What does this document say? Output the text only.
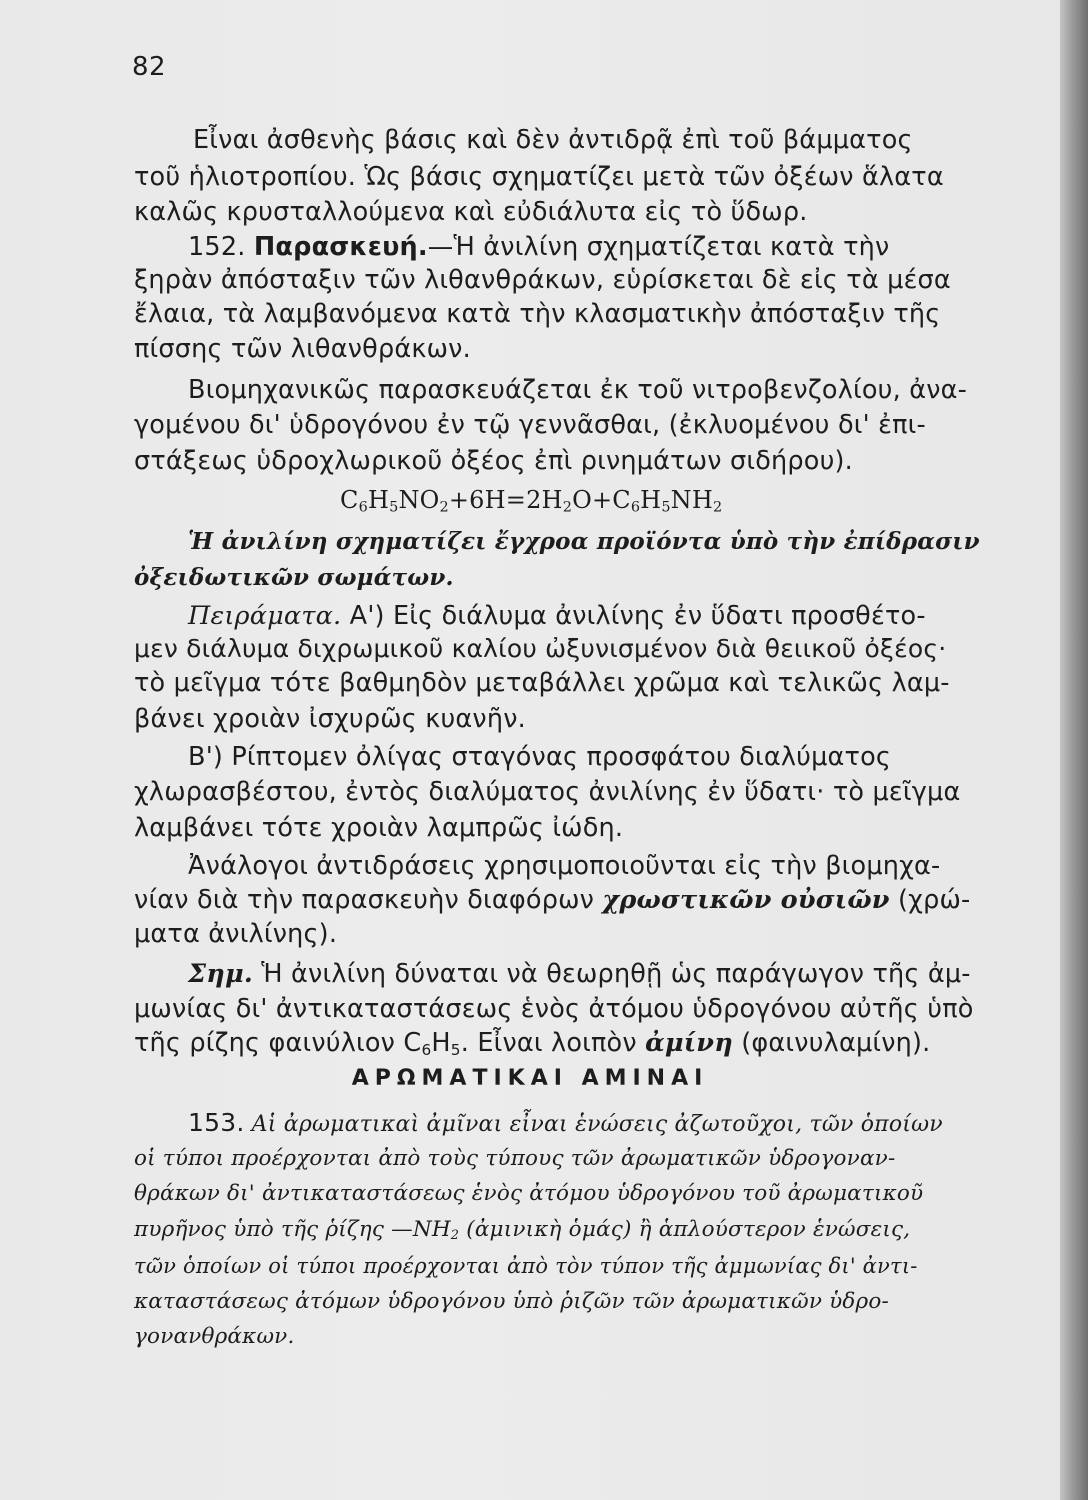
82
Εἶναι ἀσθενὴς βάσις καὶ δὲν ἀντιδρᾷ ἐπὶ τοῦ βάμματος
τοῦ ἡλιοτροπίου. Ὡς βάσις σχηματίζει μετὰ τῶν ὀξέων ἅλατα
καλῶς κρυσταλλούμενα καὶ εὐδιάλυτα εἰς τὸ ὕδωρ.
152. Παρασκευή.—Ἡ ἀνιλίνη σχηματίζεται κατὰ τὴν
ξηρὰν ἀπόσταξιν τῶν λιθανθράκων, εὑρίσκεται δὲ εἰς τὰ μέσα
ἔλαια, τὰ λαμβανόμενα κατὰ τὴν κλασματικὴν ἀπόσταξιν τῆς
πίσσης τῶν λιθανθράκων.
Βιομηχανικῶς παρασκευάζεται ἐκ τοῦ νιτροβενζολίου, ἀνα-
γομένου δι' ὑδρογόνου ἐν τῷ γεννᾶσθαι, (ἐκλυομένου δι' ἐπι-
στάξεως ὑδροχλωρικοῦ ὀξέος ἐπὶ ρινημάτων σιδήρου).
$C_6H_5NO_2+6H=2H_2O+C_6H_5NH_2$
Ἡ ἀνιλίνη σχηματίζει ἔγχροα προϊόντα ὑπὸ τὴν ἐπίδρασιν
ὀξειδωτικῶν σωμάτων.
Πειράματα. Α') Εἰς διάλυμα ἀνιλίνης ἐν ὕδατι προσθέτο-
μεν διάλυμα διχρωμικοῦ καλίου ὠξυνισμένον διὰ θειικοῦ ὀξέος·
τὸ μεῖγμα τότε βαθμηδὸν μεταβάλλει χρῶμα καὶ τελικῶς λαμ-
βάνει χροιὰν ἰσχυρῶς κυανῆν.
Β') Ρίπτομεν ὀλίγας σταγόνας προσφάτου διαλύματος
χλωρασβέστου, ἐντὸς διαλύματος ἀνιλίνης ἐν ὕδατι· τὸ μεῖγμα
λαμβάνει τότε χροιὰν λαμπρῶς ἰώδη.
Ἀνάλογοι ἀντιδράσεις χρησιμοποιοῦνται εἰς τὴν βιομηχα-
νίαν διὰ τὴν παρασκευὴν διαφόρων χρωστικῶν οὐσιῶν (χρώ-
ματα ἀνιλίνης).
Σημ. Ἡ ἀνιλίνη δύναται νὰ θεωρηθῇ ὡς παράγωγον τῆς ἀμ-
μωνίας δι' ἀντικαταστάσεως ἑνὸς ἀτόμου ὑδρογόνου αὐτῆς ὑπὸ
τῆς ρίζης φαινύλιον $C_6H_5$. Εἶναι λοιπὸν ἀμίνη (φαινυλαμίνη).
ΑΡΩΜΑΤΙΚΑΙ ΑΜΙΝΑΙ
153. Αἱ ἀρωματικαὶ ἀμῖναι εἶναι ἑνώσεις ἀζωτοῦχοι, τῶν ὁποίων
οἱ τύποι προέρχονται ἀπὸ τοὺς τύπους τῶν ἀρωματικῶν ὑδρογοναν-
θράκων δι' ἀντικαταστάσεως ἑνὸς ἀτόμου ὑδρογόνου τοῦ ἀρωματικοῦ
πυρῆνος ὑπὸ τῆς ῥίζης $—NH_2$ (ἀμινικὴ ὁμάς) ἢ ἁπλούστερον ἑνώσεις,
τῶν ὁποίων οἱ τύποι προέρχονται ἀπὸ τὸν τύπον τῆς ἀμμωνίας δι' ἀντι-
καταστάσεως ἀτόμων ὑδρογόνου ὑπὸ ῥιζῶν τῶν ἀρωματικῶν ὑδρο-
γονανθράκων.
